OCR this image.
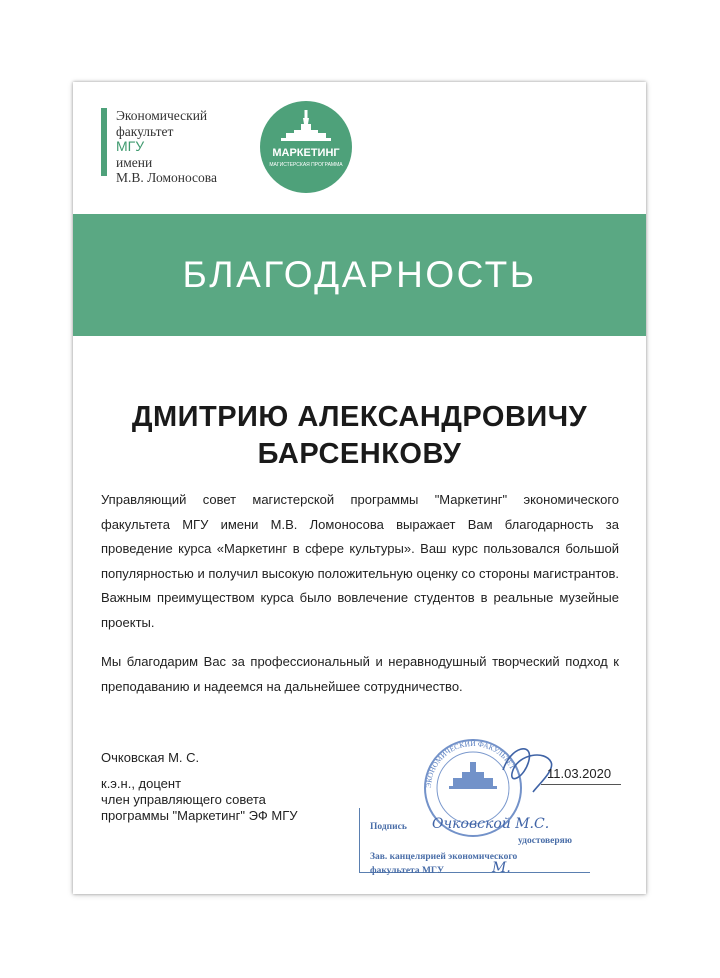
Экономический
факультет
МГУ
имени
М.В. Ломоносова
МАРКЕТИНГ
МАГИСТЕРСКАЯ ПРОГРАММА
БЛАГОДАРНОСТЬ
ДМИТРИЮ АЛЕКСАНДРОВИЧУ
БАРСЕНКОВУ
Управляющий совет магистерской программы "Маркетинг" экономического факультета МГУ имени М.В. Ломоносова выражает Вам благодарность за проведение курса «Маркетинг в сфере культуры». Ваш курс пользовался большой популярностью и получил высокую положительную оценку со стороны магистрантов. Важным преимуществом курса было вовлечение студентов в реальные музейные проекты.
Мы благодарим Вас за профессиональный и неравнодушный творческий подход к преподаванию и надеемся на дальнейшее сотрудничество.
Очковская М. С.
к.э.н., доцент
член управляющего совета
программы "Маркетинг" ЭФ МГУ
ЭКОНОМИЧЕСКИЙ ФАКУЛЬТЕТ 11.03.2020
Подпись Очковской М.С.
удостоверяю
Зав. канцелярией экономического
факультета МГУ	М.
